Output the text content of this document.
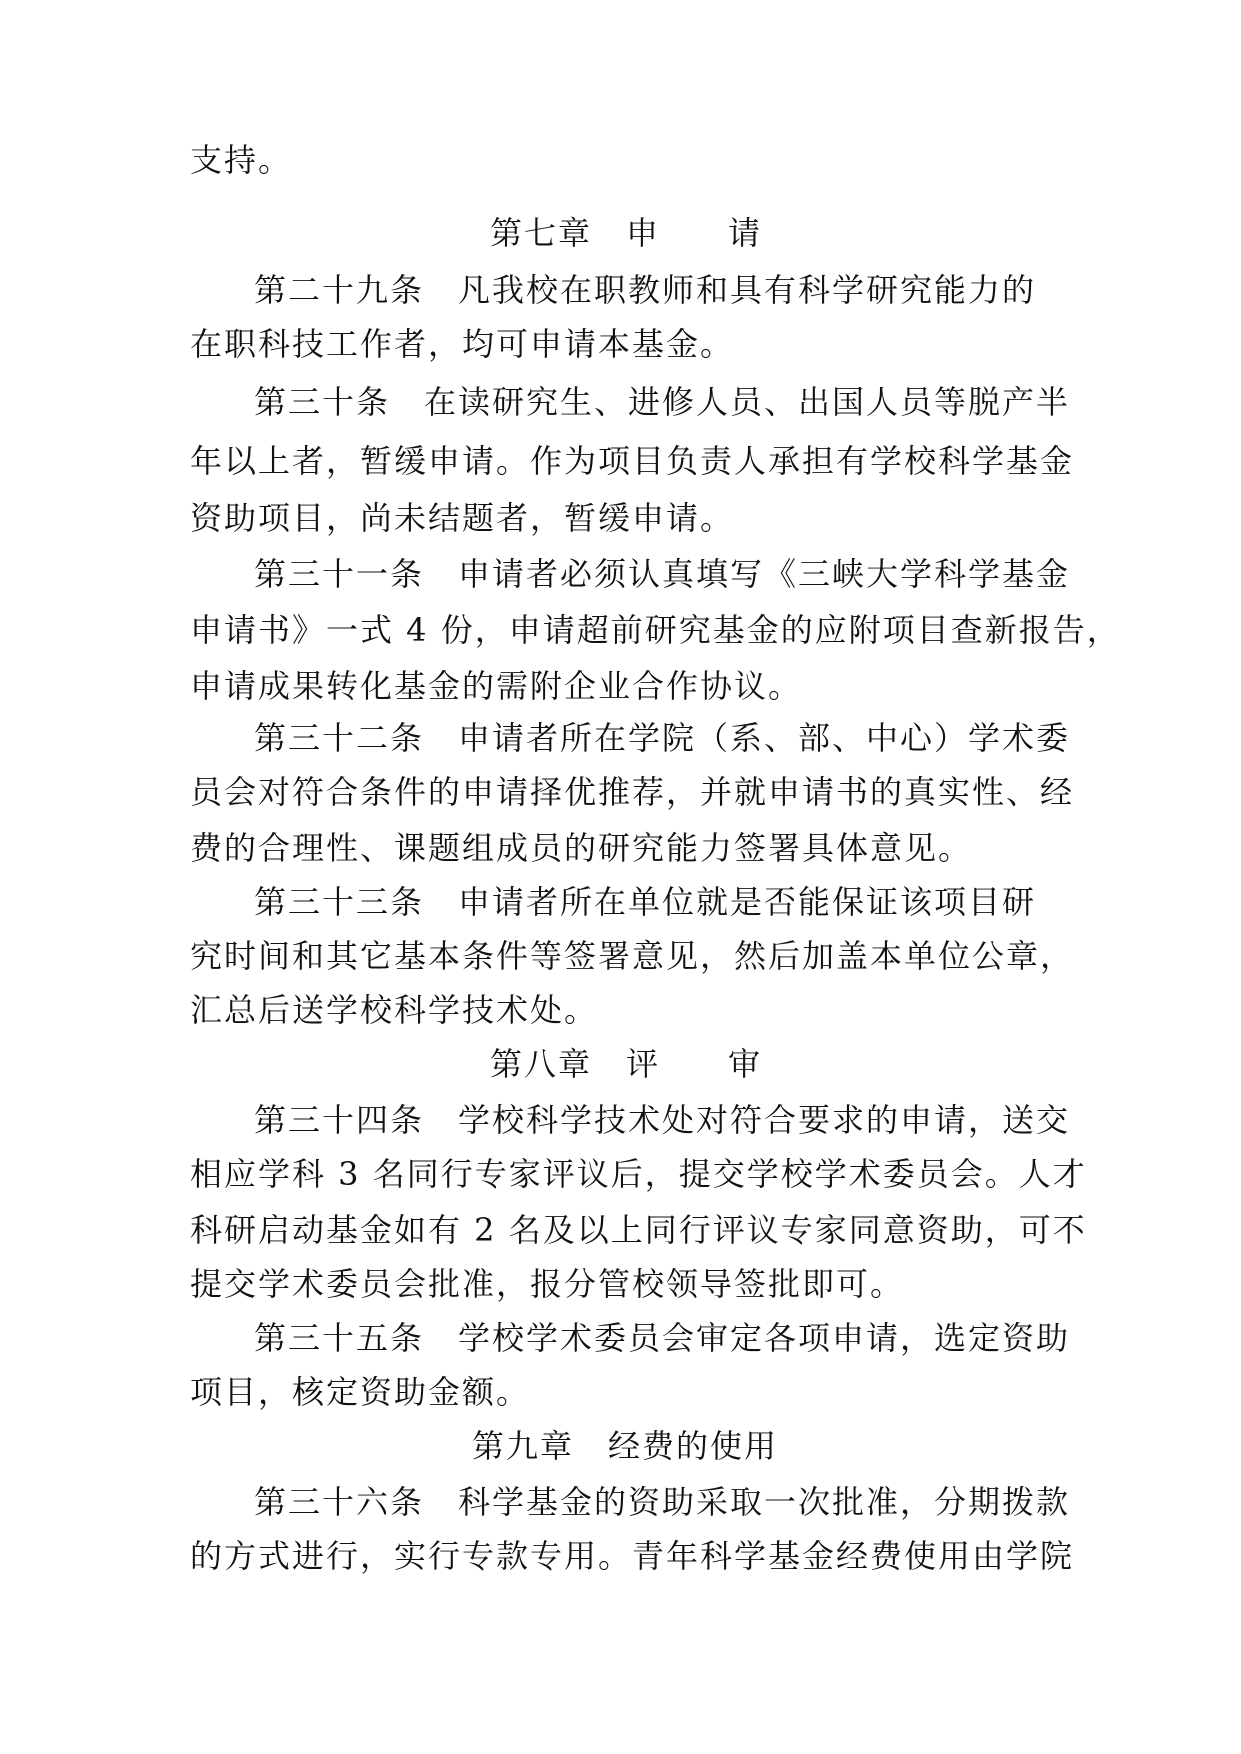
支持。
第七章　申　　请
第二十九条　凡我校在职教师和具有科学研究能力的
在职科技工作者，均可申请本基金。
第三十条　在读研究生、进修人员、出国人员等脱产半
年以上者，暂缓申请。作为项目负责人承担有学校科学基金
资助项目，尚未结题者，暂缓申请。
第三十一条　申请者必须认真填写《三峡大学科学基金
申请书》一式 4 份，申请超前研究基金的应附项目查新报告，
申请成果转化基金的需附企业合作协议。
第三十二条　申请者所在学院（系、部、中心）学术委
员会对符合条件的申请择优推荐，并就申请书的真实性、经
费的合理性、课题组成员的研究能力签署具体意见。
第三十三条　申请者所在单位就是否能保证该项目研
究时间和其它基本条件等签署意见，然后加盖本单位公章，
汇总后送学校科学技术处。
第八章　评　　审
第三十四条　学校科学技术处对符合要求的申请，送交
相应学科 3 名同行专家评议后，提交学校学术委员会。人才
科研启动基金如有 2 名及以上同行评议专家同意资助，可不
提交学术委员会批准，报分管校领导签批即可。
第三十五条　学校学术委员会审定各项申请，选定资助
项目，核定资助金额。
第九章　经费的使用
第三十六条　科学基金的资助采取一次批准，分期拨款
的方式进行，实行专款专用。青年科学基金经费使用由学院
